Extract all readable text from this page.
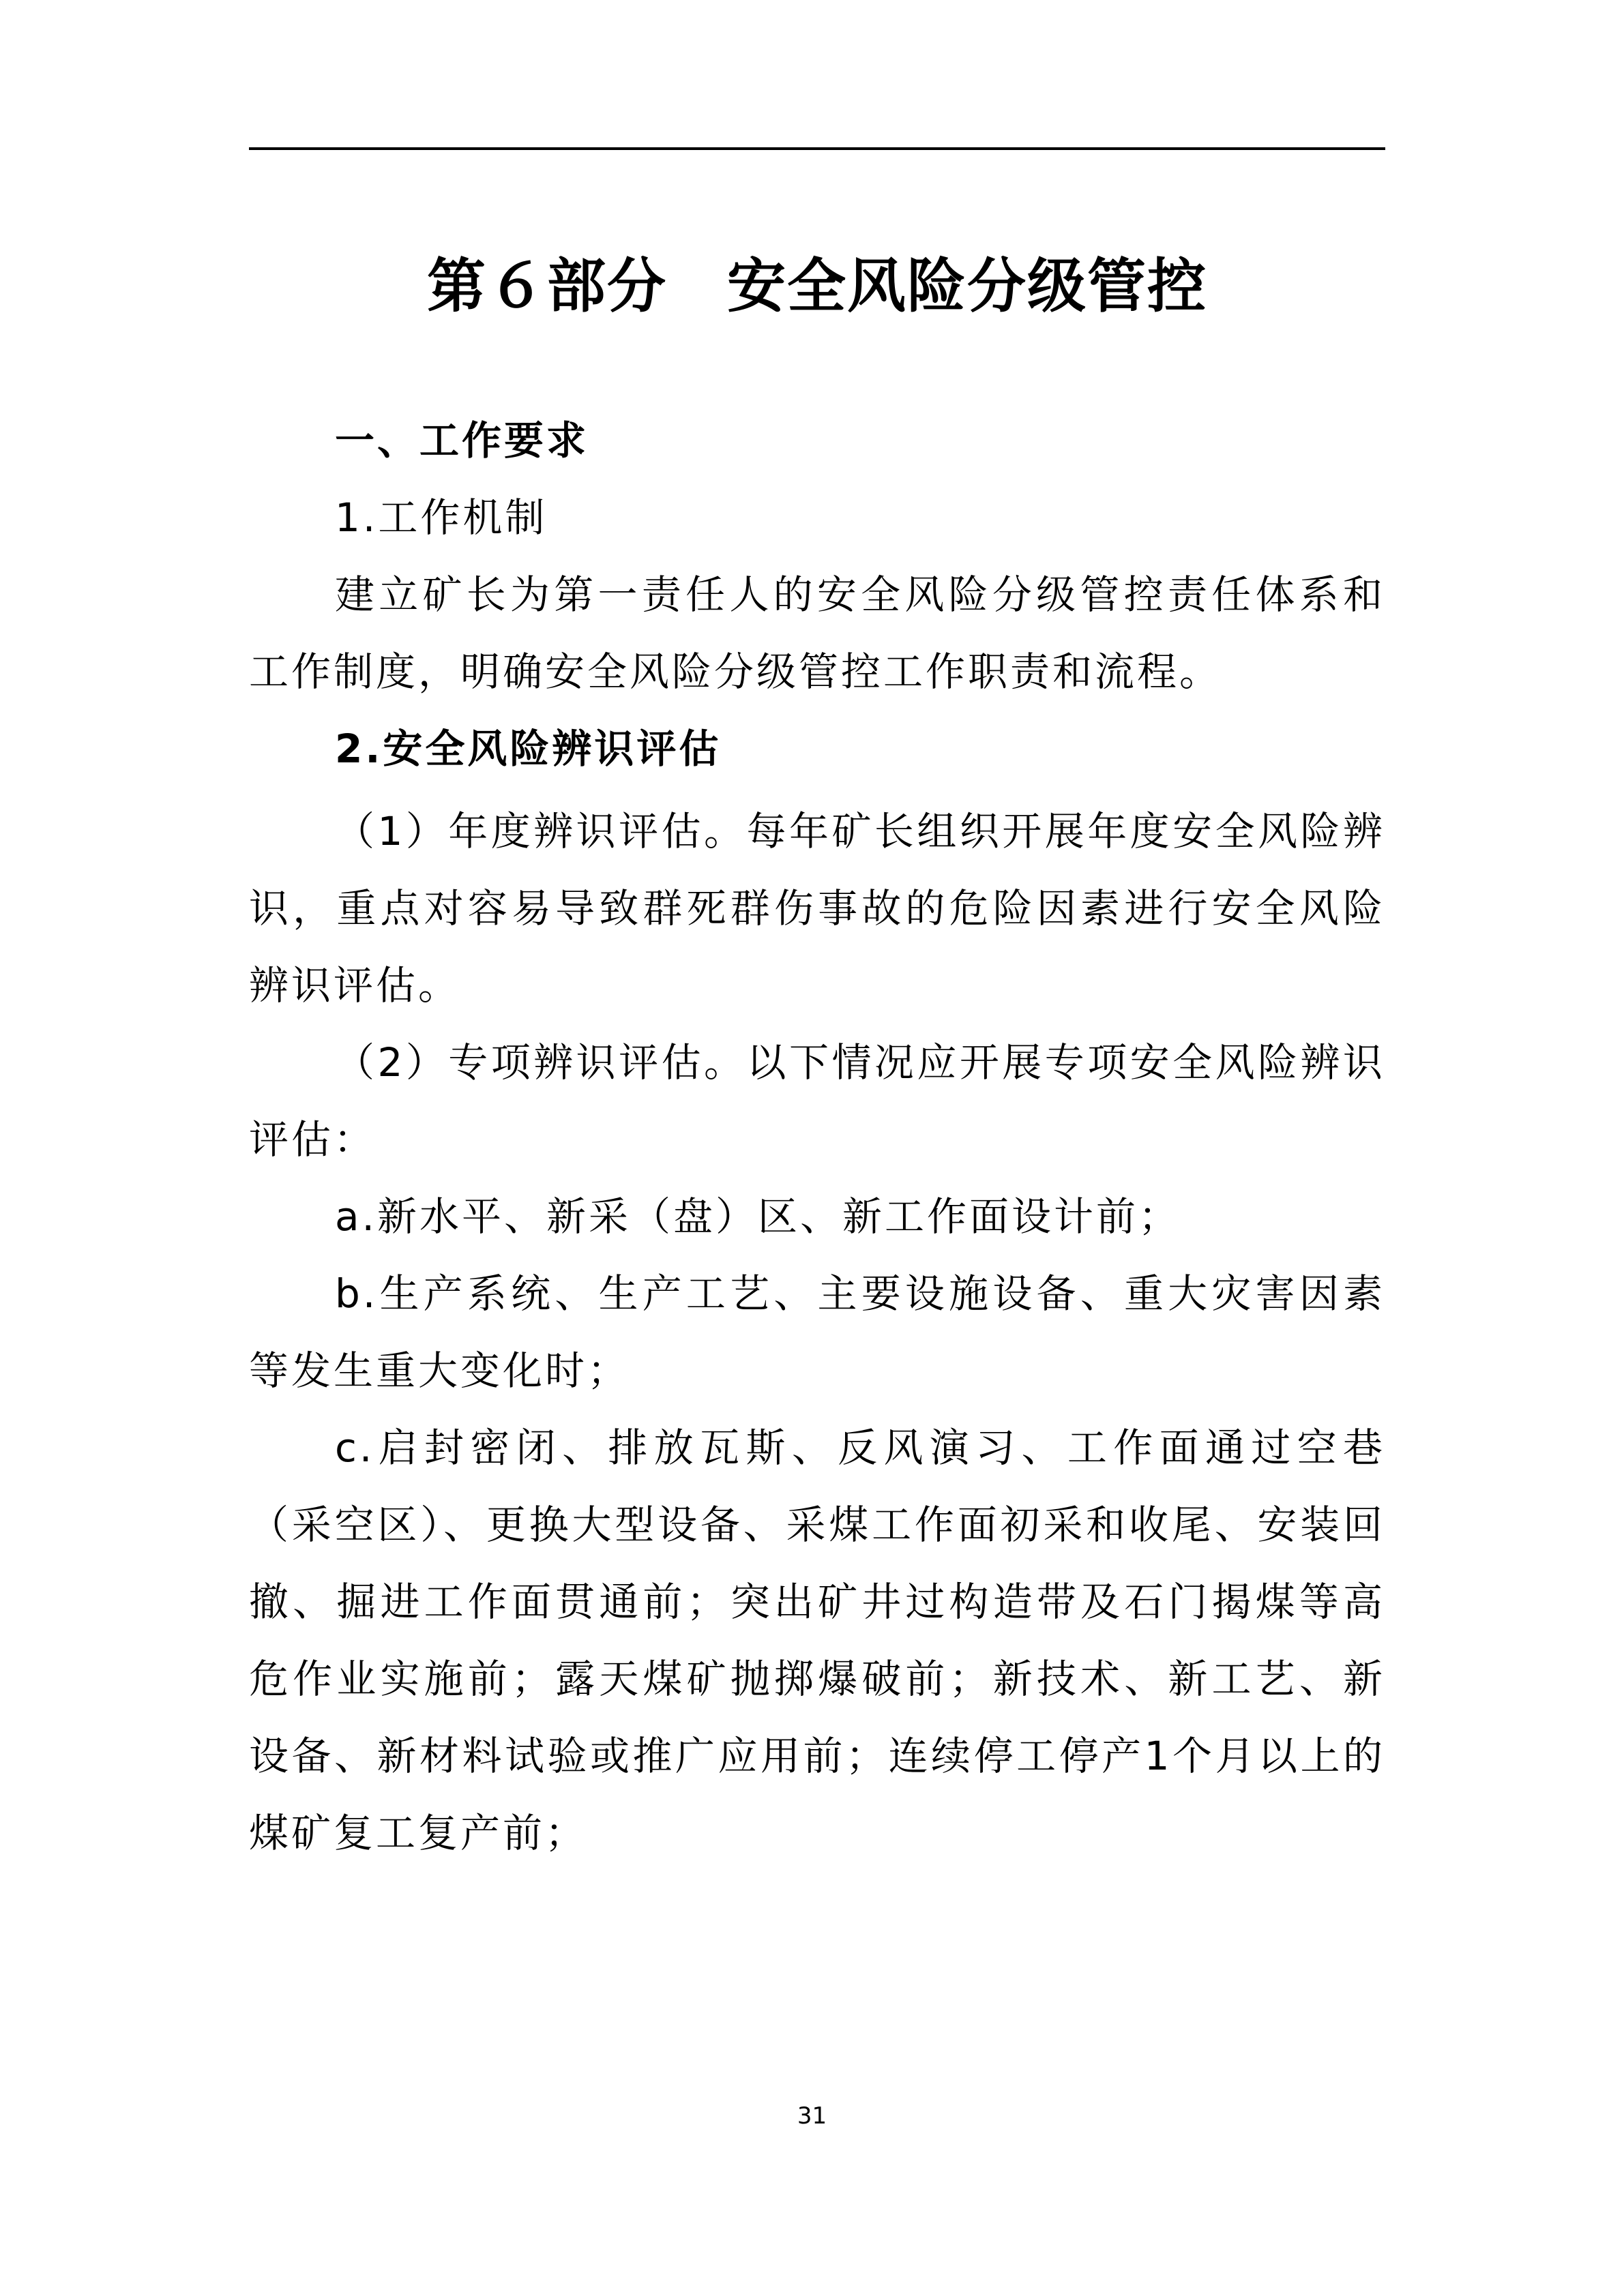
第６部分　安全风险分级管控

一、工作要求

1.工作机制

建立矿长为第一责任人的安全风险分级管控责任体系和工作制度，明确安全风险分级管控工作职责和流程。

2.安全风险辨识评估

（1）年度辨识评估。每年矿长组织开展年度安全风险辨识，重点对容易导致群死群伤事故的危险因素进行安全风险辨识评估。

（2）专项辨识评估。以下情况应开展专项安全风险辨识评估：

a.新水平、新采（盘）区、新工作面设计前；

b.生产系统、生产工艺、主要设施设备、重大灾害因素等发生重大变化时；

c.启封密闭、排放瓦斯、反风演习、工作面通过空巷（采空区）、更换大型设备、采煤工作面初采和收尾、安装回撤、掘进工作面贯通前；突出矿井过构造带及石门揭煤等高危作业实施前；露天煤矿抛掷爆破前；新技术、新工艺、新设备、新材料试验或推广应用前；连续停工停产1个月以上的煤矿复工复产前；

31
